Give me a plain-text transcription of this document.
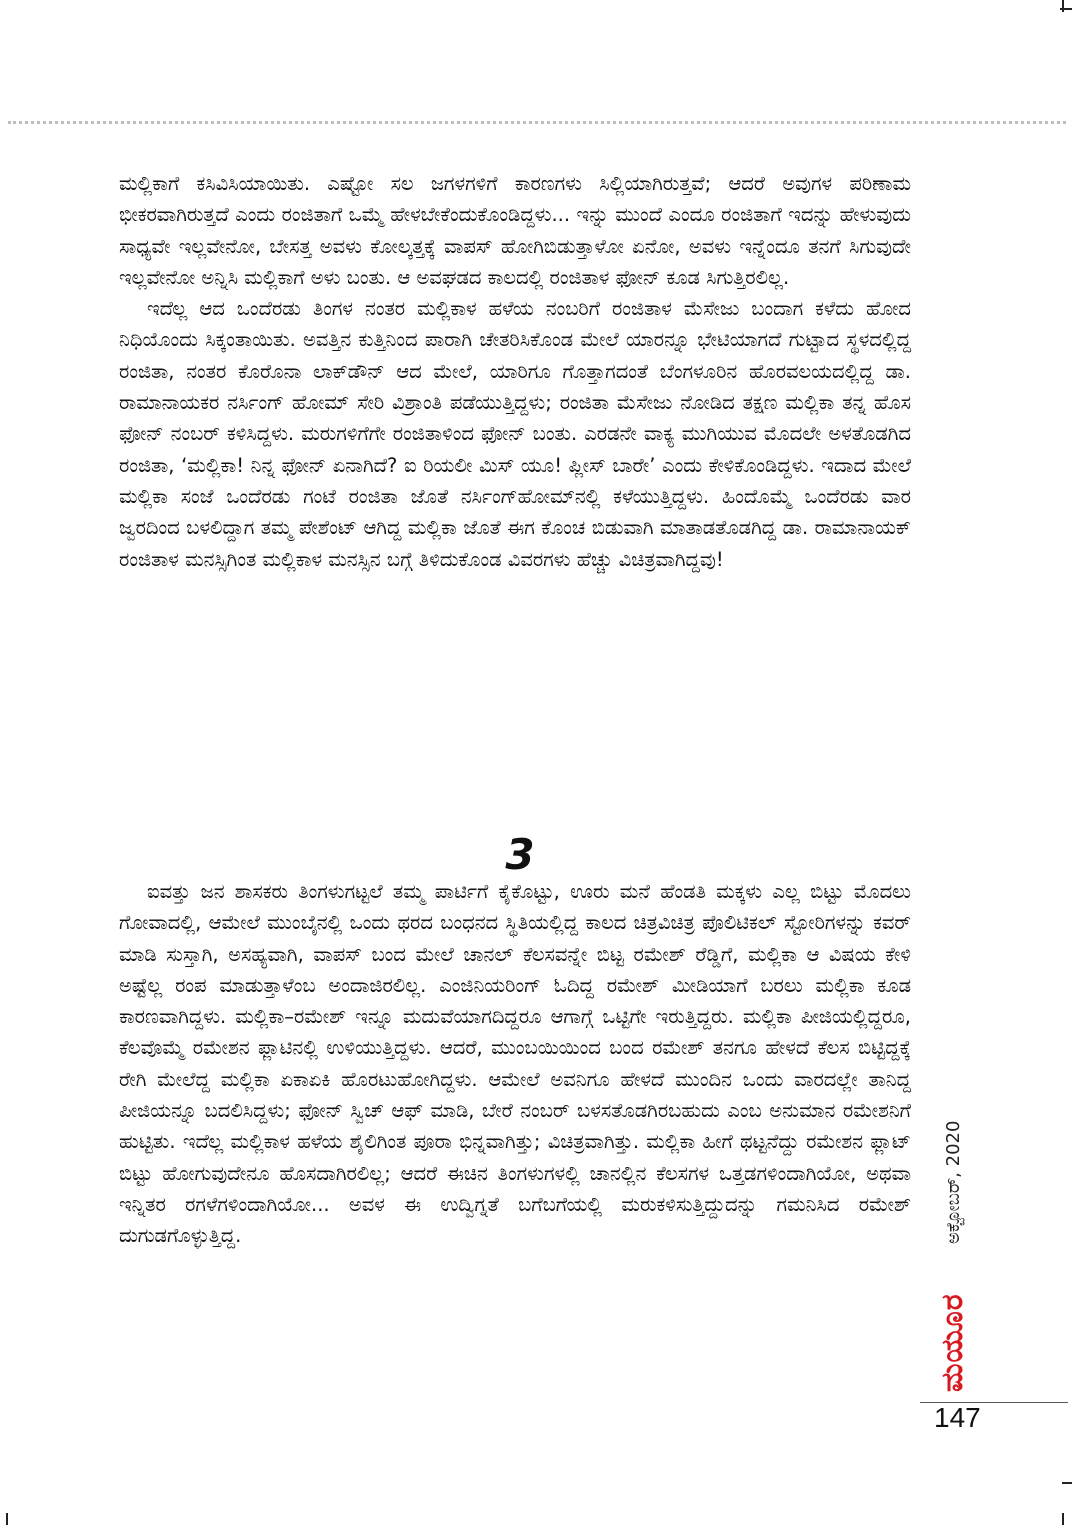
ಮಲ್ಲಿಕಾಗೆ ಕಸಿವಿಸಿಯಾಯಿತು. ಎಷ್ಟೋ ಸಲ ಜಗಳಗಳಿಗೆ ಕಾರಣಗಳು ಸಿಲ್ಲಿಯಾಗಿರುತ್ತವೆ; ಆದರೆ ಅವುಗಳ ಪರಿಣಾಮ ಭೀಕರವಾಗಿರುತ್ತದೆ ಎಂದು ರಂಜಿತಾಗೆ ಒಮ್ಮೆ ಹೇಳಬೇಕೆಂದುಕೊಂಡಿದ್ದಳು... ಇನ್ನು ಮುಂದೆ ಎಂದೂ ರಂಜಿತಾಗೆ ಇದನ್ನು ಹೇಳುವುದು ಸಾಧ್ಯವೇ ಇಲ್ಲವೇನೋ, ಬೇಸತ್ತ ಅವಳು ಕೋಲ್ಕತ್ತಕ್ಕೆ ವಾಪಸ್ ಹೋಗಿಬಿಡುತ್ತಾಳೋ ಏನೋ, ಅವಳು ಇನ್ನೆಂದೂ ತನಗೆ ಸಿಗುವುದೇ ಇಲ್ಲವೇನೋ ಅನ್ನಿಸಿ ಮಲ್ಲಿಕಾಗೆ ಅಳು ಬಂತು. ಆ ಅವಘಡದ ಕಾಲದಲ್ಲಿ ರಂಜಿತಾಳ ಫೋನ್ ಕೂಡ ಸಿಗುತ್ತಿರಲಿಲ್ಲ.

ಇದೆಲ್ಲ ಆದ ಒಂದೆರಡು ತಿಂಗಳ ನಂತರ ಮಲ್ಲಿಕಾಳ ಹಳೆಯ ನಂಬರಿಗೆ ರಂಜಿತಾಳ ಮೆಸೇಜು ಬಂದಾಗ ಕಳೆದು ಹೋದ ನಿಧಿಯೊಂದು ಸಿಕ್ಕಂತಾಯಿತು. ಅವತ್ತಿನ ಕುತ್ತಿನಿಂದ ಪಾರಾಗಿ ಚೇತರಿಸಿಕೊಂಡ ಮೇಲೆ ಯಾರನ್ನೂ ಭೇಟಿಯಾಗದೆ ಗುಟ್ಟಾದ ಸ್ಥಳದಲ್ಲಿದ್ದ ರಂಜಿತಾ, ನಂತರ ಕೊರೊನಾ ಲಾಕ್‌ಡೌನ್ ಆದ ಮೇಲೆ, ಯಾರಿಗೂ ಗೊತ್ತಾಗದಂತೆ ಬೆಂಗಳೂರಿನ ಹೊರವಲಯದಲ್ಲಿದ್ದ ಡಾ. ರಾಮಾನಾಯಕರ ನರ್ಸಿಂಗ್ ಹೋಮ್ ಸೇರಿ ವಿಶ್ರಾಂತಿ ಪಡೆಯುತ್ತಿದ್ದಳು; ರಂಜಿತಾ ಮೆಸೇಜು ನೋಡಿದ ತಕ್ಷಣ ಮಲ್ಲಿಕಾ ತನ್ನ ಹೊಸ ಫೋನ್ ನಂಬರ್ ಕಳಿಸಿದ್ದಳು. ಮರುಗಳಿಗೆಗೇ ರಂಜಿತಾಳಿಂದ ಫೋನ್ ಬಂತು. ಎರಡನೇ ವಾಕ್ಯ ಮುಗಿಯುವ ಮೊದಲೇ ಅಳತೊಡಗಿದ ರಂಜಿತಾ, ‘ಮಲ್ಲಿಕಾ! ನಿನ್ನ ಫೋನ್ ಏನಾಗಿದೆ? ಐ ರಿಯಲೀ ಮಿಸ್ ಯೂ! ಪ್ಲೀಸ್ ಬಾರೇ’ ಎಂದು ಕೇಳಿಕೊಂಡಿದ್ದಳು. ಇದಾದ ಮೇಲೆ ಮಲ್ಲಿಕಾ ಸಂಜೆ ಒಂದೆರಡು ಗಂಟೆ ರಂಜಿತಾ ಜೊತೆ ನರ್ಸಿಂಗ್‌ಹೋಮ್‌ನಲ್ಲಿ ಕಳೆಯುತ್ತಿದ್ದಳು. ಹಿಂದೊಮ್ಮೆ ಒಂದೆರಡು ವಾರ ಜ್ವರದಿಂದ ಬಳಲಿದ್ದಾಗ ತಮ್ಮ ಪೇಶೆಂಟ್ ಆಗಿದ್ದ ಮಲ್ಲಿಕಾ ಜೊತೆ ಈಗ ಕೊಂಚ ಬಿಡುವಾಗಿ ಮಾತಾಡತೊಡಗಿದ್ದ ಡಾ. ರಾಮಾನಾಯಕ್ ರಂಜಿತಾಳ ಮನಸ್ಸಿಗಿಂತ ಮಲ್ಲಿಕಾಳ ಮನಸ್ಸಿನ ಬಗ್ಗೆ ತಿಳಿದುಕೊಂಡ ವಿವರಗಳು ಹೆಚ್ಚು ವಿಚಿತ್ರವಾಗಿದ್ದವು!

3

ಐವತ್ತು ಜನ ಶಾಸಕರು ತಿಂಗಳುಗಟ್ಟಲೆ ತಮ್ಮ ಪಾರ್ಟಿಗೆ ಕೈಕೊಟ್ಟು, ಊರು ಮನೆ ಹೆಂಡತಿ ಮಕ್ಕಳು ಎಲ್ಲ ಬಿಟ್ಟು ಮೊದಲು ಗೋವಾದಲ್ಲಿ, ಆಮೇಲೆ ಮುಂಬೈನಲ್ಲಿ ಒಂದು ಥರದ ಬಂಧನದ ಸ್ಥಿತಿಯಲ್ಲಿದ್ದ ಕಾಲದ ಚಿತ್ರವಿಚಿತ್ರ ಪೊಲಿಟಿಕಲ್ ಸ್ಟೋರಿಗಳನ್ನು ಕವರ್ ಮಾಡಿ ಸುಸ್ತಾಗಿ, ಅಸಹ್ಯವಾಗಿ, ವಾಪಸ್ ಬಂದ ಮೇಲೆ ಚಾನಲ್ ಕೆಲಸವನ್ನೇ ಬಿಟ್ಟ ರಮೇಶ್ ರೆಡ್ಡಿಗೆ, ಮಲ್ಲಿಕಾ ಆ ವಿಷಯ ಕೇಳಿ ಅಷ್ಟೆಲ್ಲ ರಂಪ ಮಾಡುತ್ತಾಳೆಂಬ ಅಂದಾಜಿರಲಿಲ್ಲ. ಎಂಜಿನಿಯರಿಂಗ್ ಓದಿದ್ದ ರಮೇಶ್ ಮೀಡಿಯಾಗೆ ಬರಲು ಮಲ್ಲಿಕಾ ಕೂಡ ಕಾರಣವಾಗಿದ್ದಳು. ಮಲ್ಲಿಕಾ–ರಮೇಶ್ ಇನ್ನೂ ಮದುವೆಯಾಗದಿದ್ದರೂ ಆಗಾಗ್ಗೆ ಒಟ್ಟಿಗೇ ಇರುತ್ತಿದ್ದರು. ಮಲ್ಲಿಕಾ ಪೀಜಿಯಲ್ಲಿದ್ದರೂ, ಕೆಲವೊಮ್ಮೆ ರಮೇಶನ ಫ್ಲಾಟಿನಲ್ಲಿ ಉಳಿಯುತ್ತಿದ್ದಳು. ಆದರೆ, ಮುಂಬಯಿಯಿಂದ ಬಂದ ರಮೇಶ್ ತನಗೂ ಹೇಳದೆ ಕೆಲಸ ಬಿಟ್ಟಿದ್ದಕ್ಕೆ ರೇಗಿ ಮೇಲೆದ್ದ ಮಲ್ಲಿಕಾ ಏಕಾಏಕಿ ಹೊರಟುಹೋಗಿದ್ದಳು. ಆಮೇಲೆ ಅವನಿಗೂ ಹೇಳದೆ ಮುಂದಿನ ಒಂದು ವಾರದಲ್ಲೇ ತಾನಿದ್ದ ಪೀಜಿಯನ್ನೂ ಬದಲಿಸಿದ್ದಳು; ಫೋನ್ ಸ್ವಿಚ್ ಆಫ್ ಮಾಡಿ, ಬೇರೆ ನಂಬರ್ ಬಳಸತೊಡಗಿರಬಹುದು ಎಂಬ ಅನುಮಾನ ರಮೇಶನಿಗೆ ಹುಟ್ಟಿತು. ಇದೆಲ್ಲ ಮಲ್ಲಿಕಾಳ ಹಳೆಯ ಶೈಲಿಗಿಂತ ಪೂರಾ ಭಿನ್ನವಾಗಿತ್ತು; ವಿಚಿತ್ರವಾಗಿತ್ತು. ಮಲ್ಲಿಕಾ ಹೀಗೆ ಥಟ್ಟನೆದ್ದು ರಮೇಶನ ಫ್ಲಾಟ್ ಬಿಟ್ಟು ಹೋಗುವುದೇನೂ ಹೊಸದಾಗಿರಲಿಲ್ಲ; ಆದರೆ ಈಚಿನ ತಿಂಗಳುಗಳಲ್ಲಿ ಚಾನಲ್ಲಿನ ಕೆಲಸಗಳ ಒತ್ತಡಗಳಿಂದಾಗಿಯೋ, ಅಥವಾ ಇನ್ನಿತರ ರಗಳೆಗಳಿಂದಾಗಿಯೋ... ಅವಳ ಈ ಉದ್ವಿಗ್ನತೆ ಬಗೆಬಗೆಯಲ್ಲಿ ಮರುಕಳಿಸುತ್ತಿದ್ದುದನ್ನು ಗಮನಿಸಿದ ರಮೇಶ್ ದುಗುಡಗೊಳ್ಳುತ್ತಿದ್ದ.	ಅಕ್ಟೋಬರ್, 2020
ಮಯೂರ
147
